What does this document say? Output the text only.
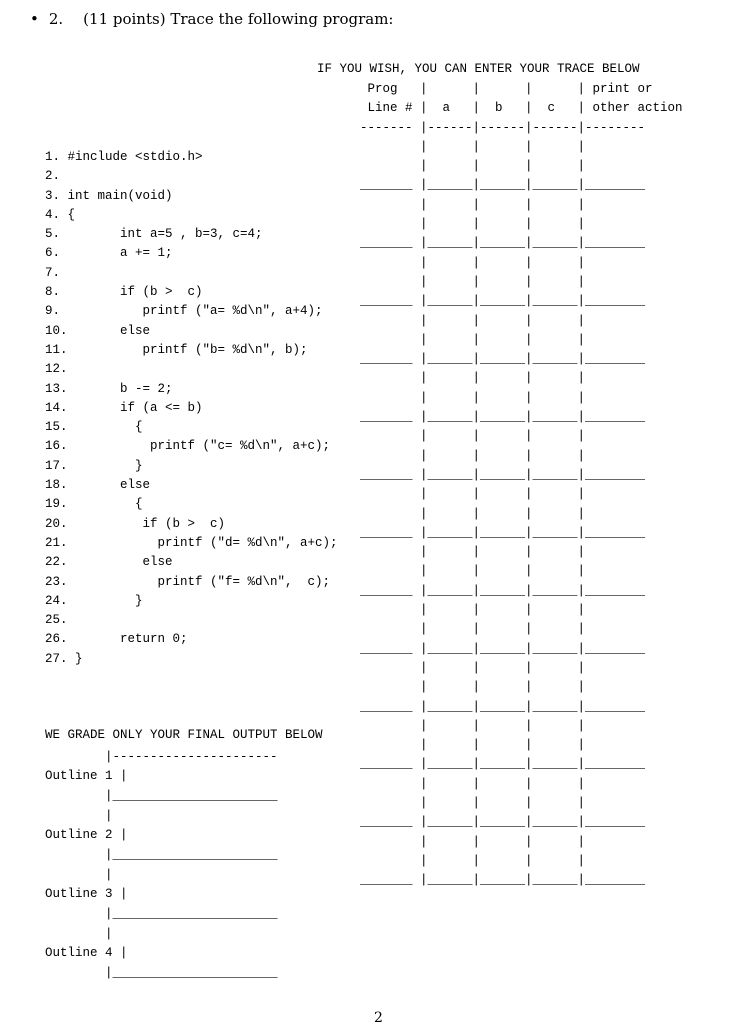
• 2. (11 points) Trace the following program:
IF YOU WISH, YOU CAN ENTER YOUR TRACE BELOW
1. #include <stdio.h>
2.
3. int main(void)
4. {
5.        int a=5 , b=3, c=4;
6.        a += 1;
7.
8.        if (b >  c)
9.           printf ("a= %d\n", a+4);
10.       else
11.          printf ("b= %d\n", b);
12.
13.       b -= 2;
14.       if (a <= b)
15.         {
16.           printf ("c= %d\n", a+c);
17.         }
18.       else
19.         {
20.          if (b >  c)
21.            printf ("d= %d\n", a+c);
22.          else
23.            printf ("f= %d\n",  c);
24.         }
25.
26.       return 0;
27. }
Prog   |      |      |      | print or
Line # |  a   |  b   |  c   | other action
------- |------|------|------|--------
|      |      |      |
|      |      |      |
_______ |______|______|______|________
|      |      |      |
|      |      |      |
_______ |______|______|______|________
|      |      |      |
|      |      |      |
_______ |______|______|______|________
|      |      |      |
|      |      |      |
_______ |______|______|______|________
|      |      |      |
|      |      |      |
_______ |______|______|______|________
|      |      |      |
|      |      |      |
_______ |______|______|______|________
|      |      |      |
|      |      |      |
_______ |______|______|______|________
|      |      |      |
|      |      |      |
_______ |______|______|______|________
|      |      |      |
|      |      |      |
_______ |______|______|______|________
|      |      |      |
|      |      |      |
_______ |______|______|______|________
|      |      |      |
|      |      |      |
_______ |______|______|______|________
|      |      |      |
|      |      |      |
_______ |______|______|______|________
|      |      |      |
|      |      |      |
_______ |______|______|______|________
WE GRADE ONLY YOUR FINAL OUTPUT BELOW
|----------------------
Outline 1 |
|______________________
|
Outline 2 |
|______________________
|
Outline 3 |
|______________________
|
Outline 4 |
|______________________
2
